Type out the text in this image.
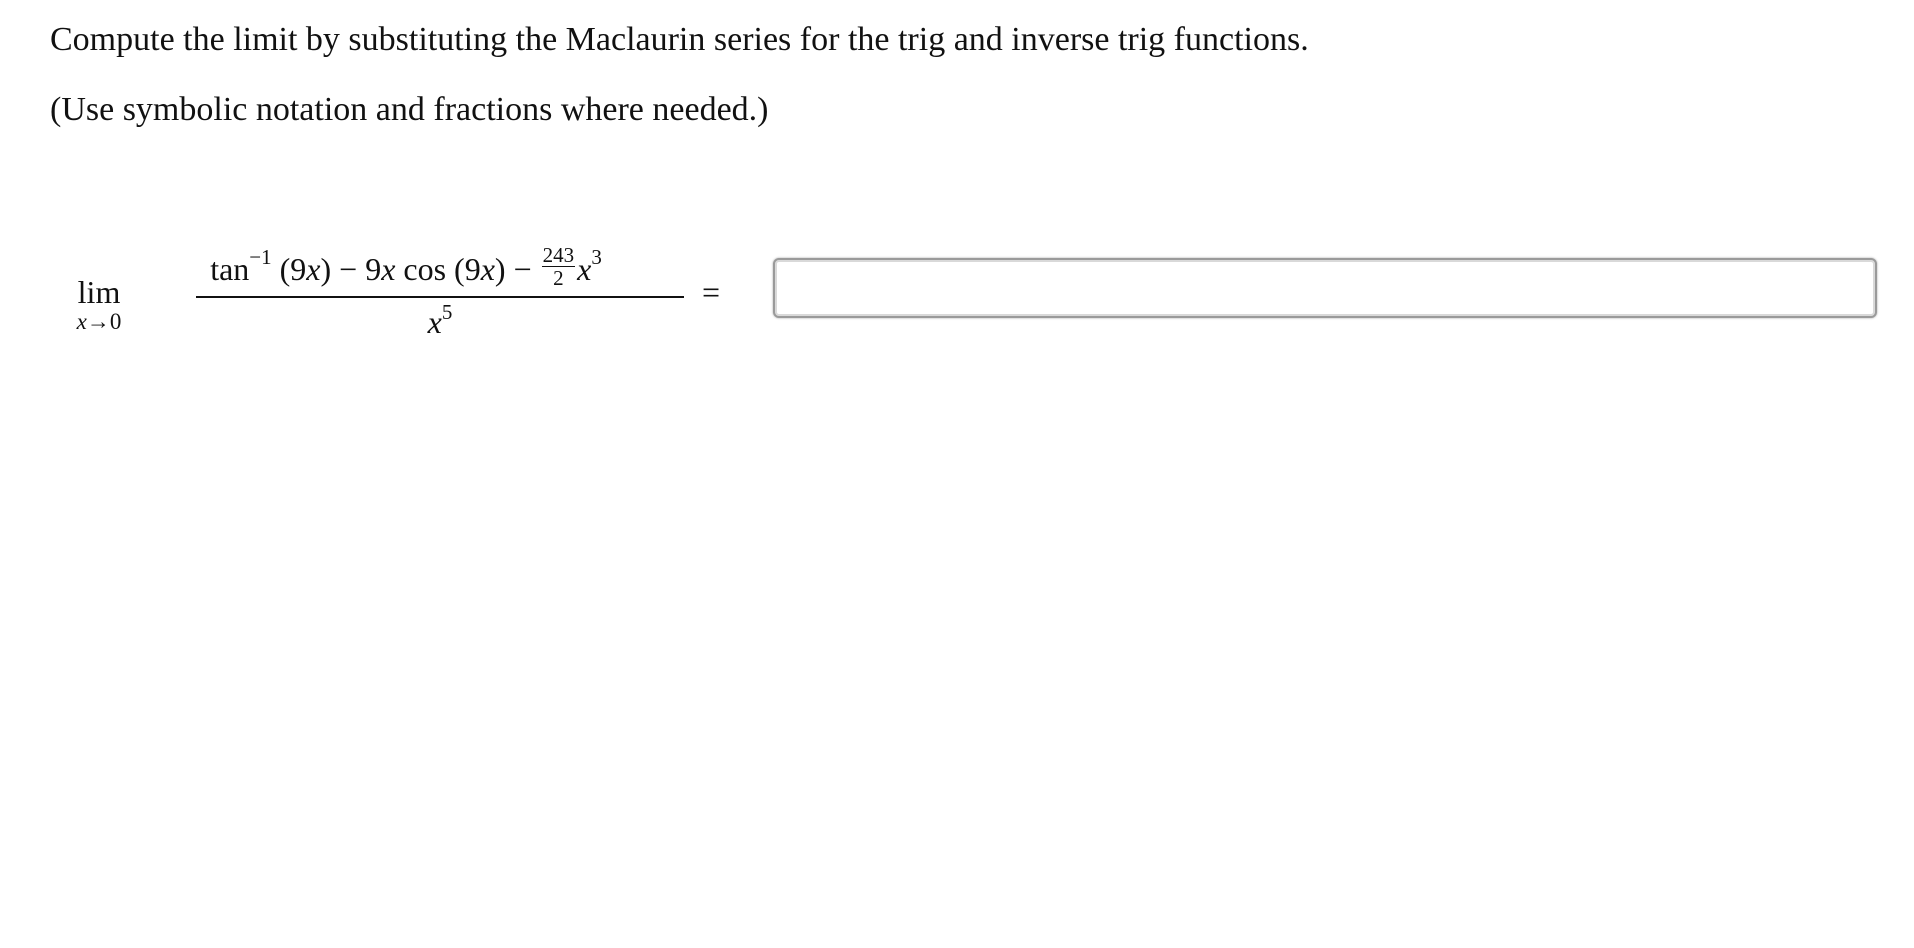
Compute the limit by substituting the Maclaurin series for the trig and inverse trig functions.

(Use symbolic notation and fractions where needed.)

lim
x→0
$\tan^{-1} (9x) - 9x$ $\cos (9x) - \frac{243}{2} x^3$
$x^5$
=
